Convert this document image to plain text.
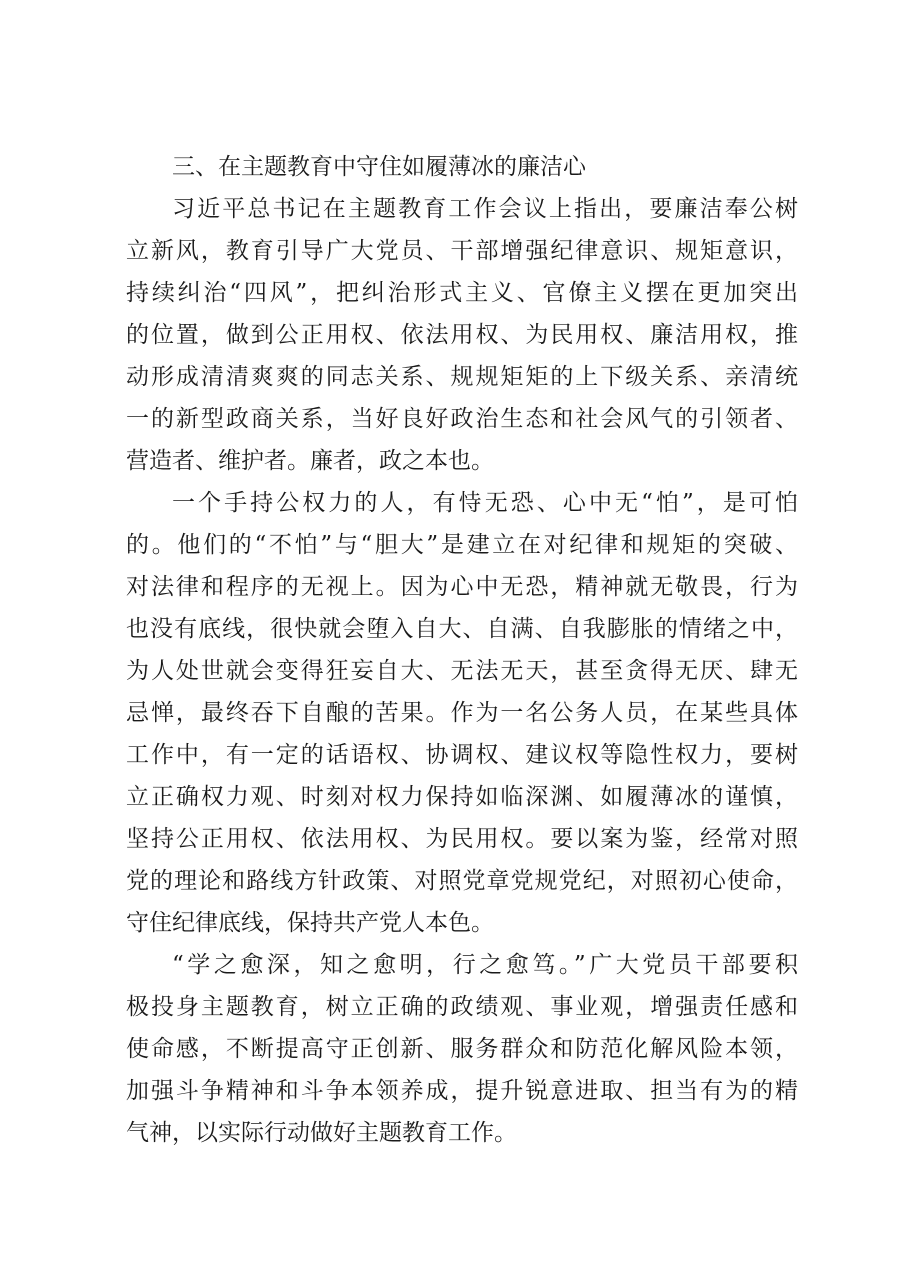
三、在主题教育中守住如履薄冰的廉洁心
习近平总书记在主题教育工作会议上指出，要廉洁奉公树
立新风，教育引导广大党员、干部增强纪律意识、规矩意识，
持续纠治“四风”，把纠治形式主义、官僚主义摆在更加突出
的位置，做到公正用权、依法用权、为民用权、廉洁用权，推
动形成清清爽爽的同志关系、规规矩矩的上下级关系、亲清统
一的新型政商关系，当好良好政治生态和社会风气的引领者、
营造者、维护者。廉者，政之本也。
一个手持公权力的人，有恃无恐、心中无“怕”，是可怕
的。他们的“不怕”与“胆大”是建立在对纪律和规矩的突破、
对法律和程序的无视上。因为心中无恐，精神就无敬畏，行为
也没有底线，很快就会堕入自大、自满、自我膨胀的情绪之中，
为人处世就会变得狂妄自大、无法无天，甚至贪得无厌、肆无
忌惮，最终吞下自酿的苦果。作为一名公务人员，在某些具体
工作中，有一定的话语权、协调权、建议权等隐性权力，要树
立正确权力观、时刻对权力保持如临深渊、如履薄冰的谨慎，
坚持公正用权、依法用权、为民用权。要以案为鉴，经常对照
党的理论和路线方针政策、对照党章党规党纪，对照初心使命，
守住纪律底线，保持共产党人本色。
“学之愈深，知之愈明，行之愈笃。”广大党员干部要积
极投身主题教育，树立正确的政绩观、事业观，增强责任感和
使命感，不断提高守正创新、服务群众和防范化解风险本领，
加强斗争精神和斗争本领养成，提升锐意进取、担当有为的精
气神，以实际行动做好主题教育工作。
